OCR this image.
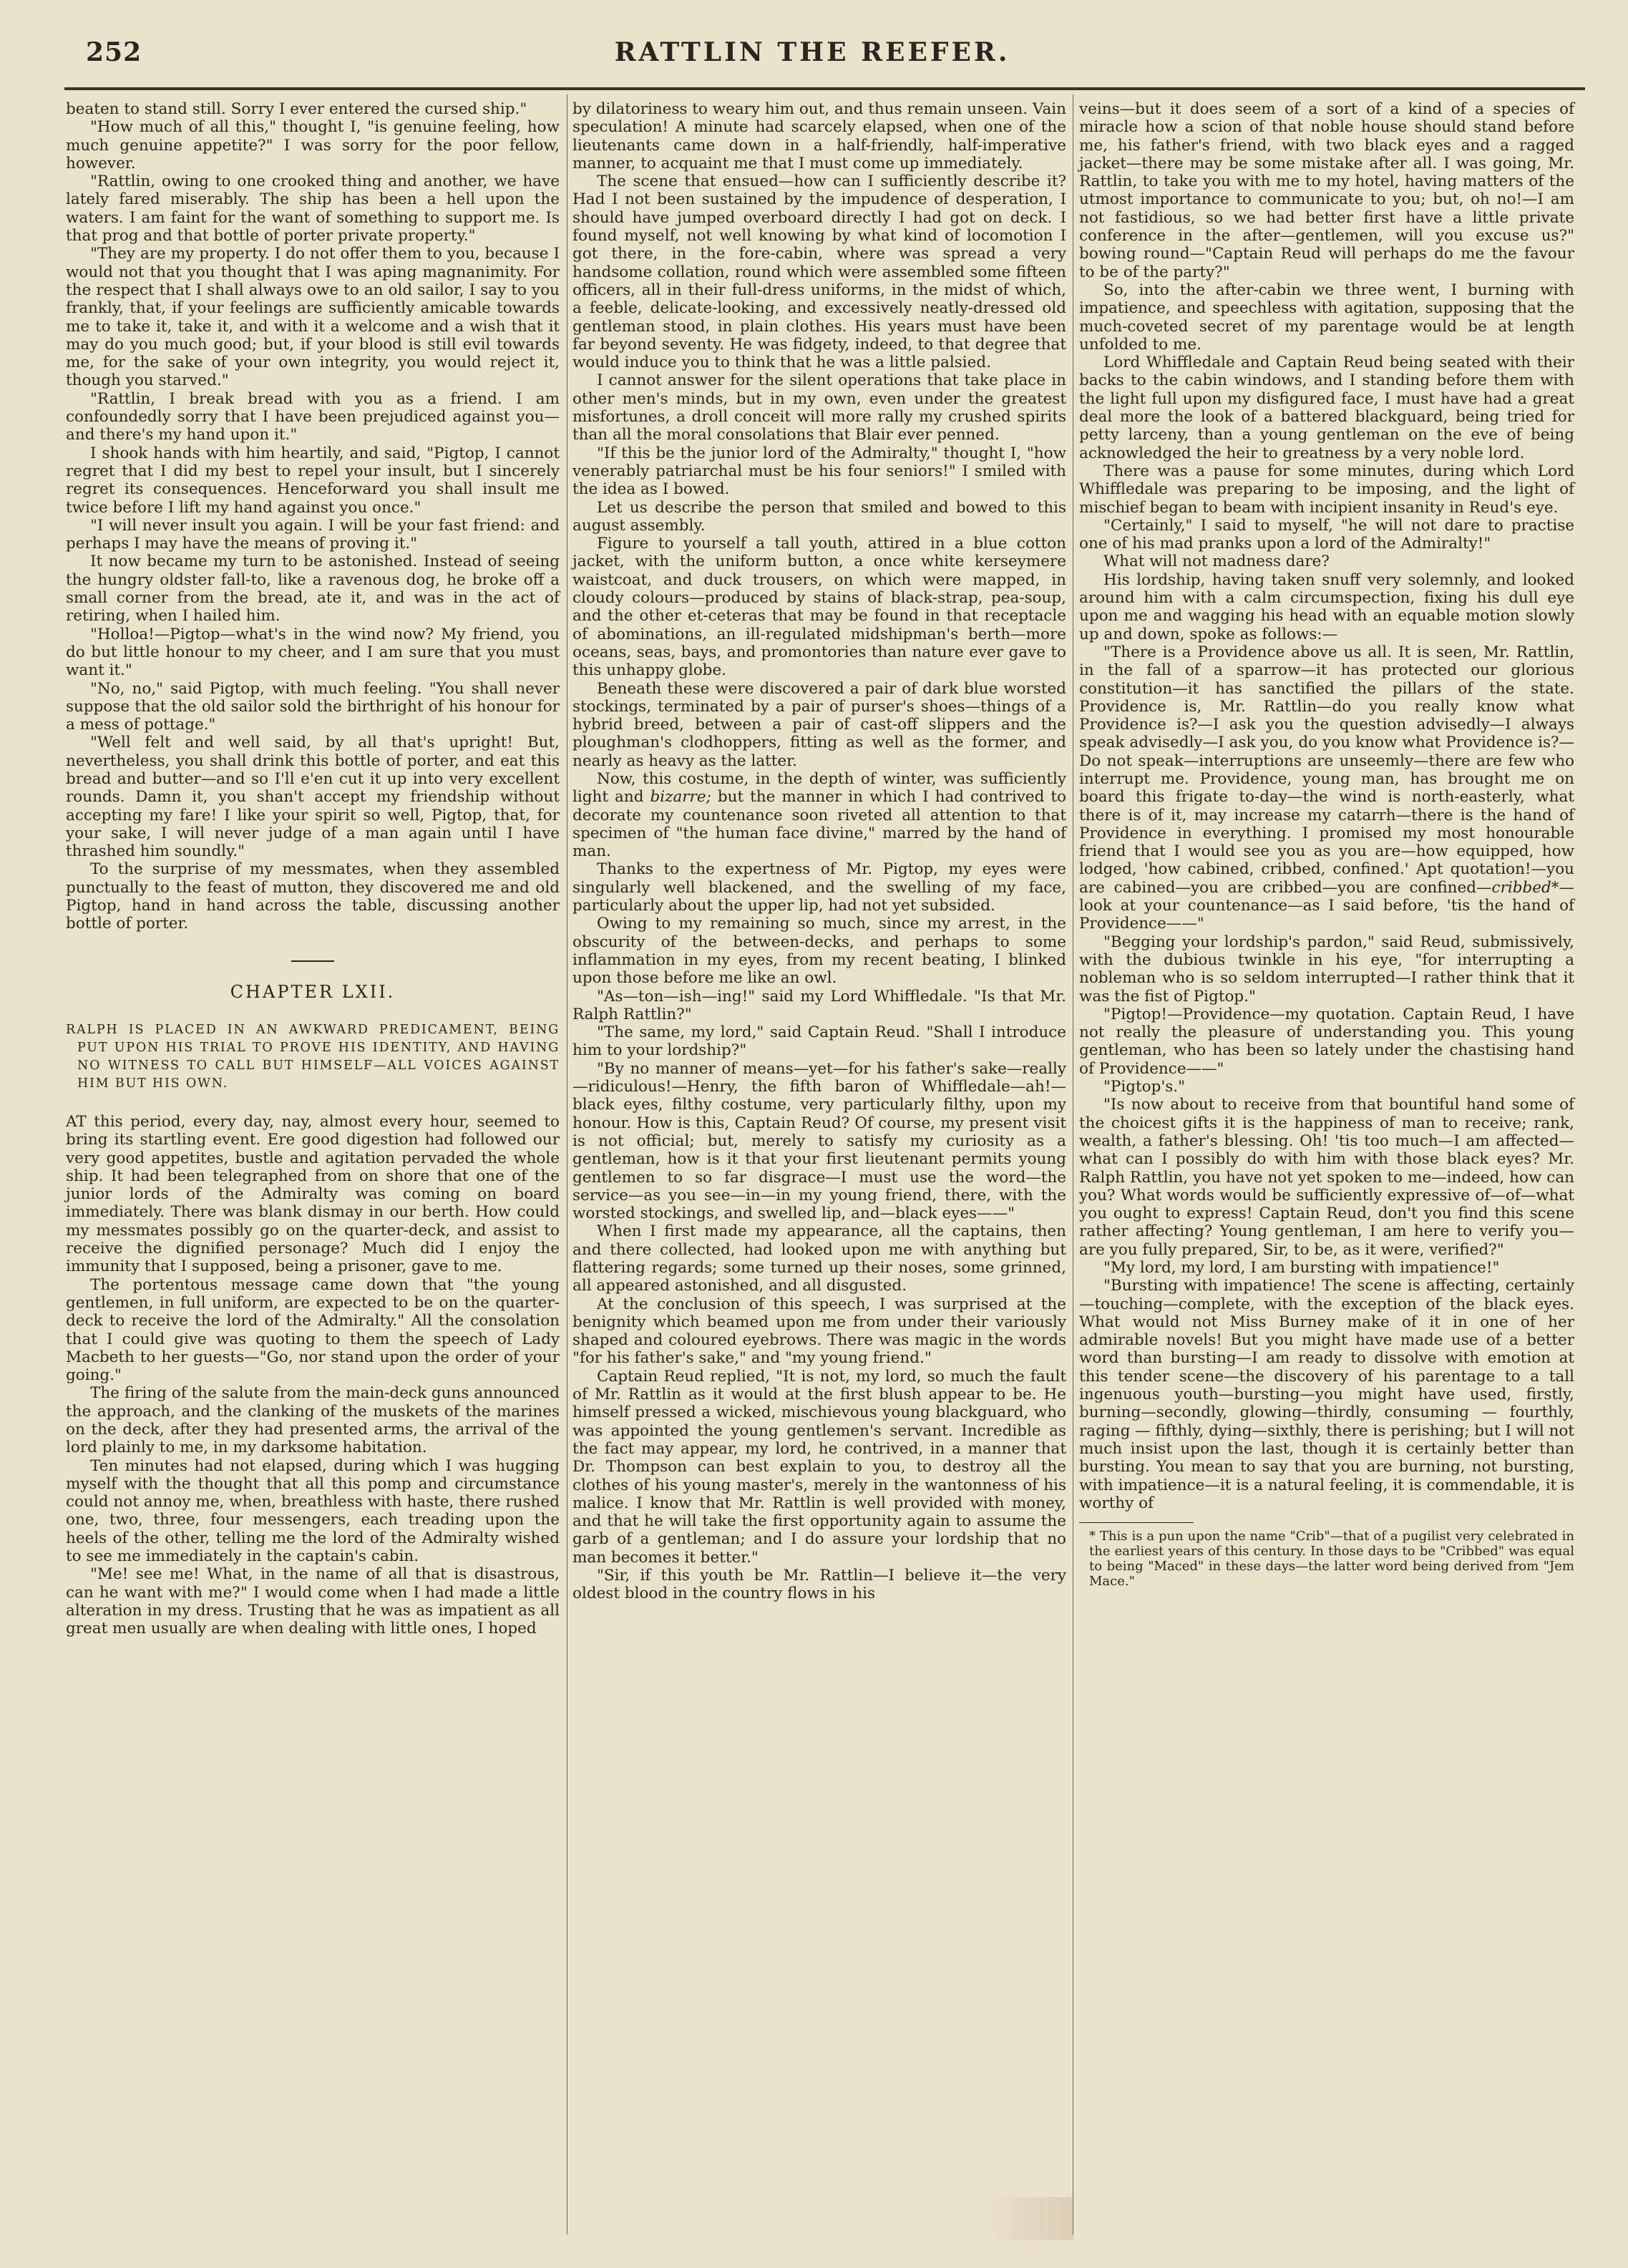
252	RATTLIN THE REEFER.

beaten to stand still. Sorry I ever entered the cursed ship."

"How much of all this," thought I, "is genuine feeling, how much genuine appetite?" I was sorry for the poor fellow, however.

"Rattlin, owing to one crooked thing and another, we have lately fared miserably. The ship has been a hell upon the waters. I am faint for the want of something to support me. Is that prog and that bottle of porter private property."

"They are my property. I do not offer them to you, because I would not that you thought that I was aping magnanimity. For the respect that I shall always owe to an old sailor, I say to you frankly, that, if your feelings are sufficiently amicable towards me to take it, take it, and with it a welcome and a wish that it may do you much good; but, if your blood is still evil towards me, for the sake of your own integrity, you would reject it, though you starved."

"Rattlin, I break bread with you as a friend. I am confoundedly sorry that I have been prejudiced against you—and there's my hand upon it."

I shook hands with him heartily, and said, "Pigtop, I cannot regret that I did my best to repel your insult, but I sincerely regret its consequences. Henceforward you shall insult me twice before I lift my hand against you once."

"I will never insult you again. I will be your fast friend: and perhaps I may have the means of proving it."

It now became my turn to be astonished. Instead of seeing the hungry oldster fall-to, like a ravenous dog, he broke off a small corner from the bread, ate it, and was in the act of retiring, when I hailed him.

"Holloa!—Pigtop—what's in the wind now? My friend, you do but little honour to my cheer, and I am sure that you must want it."

"No, no," said Pigtop, with much feeling. "You shall never suppose that the old sailor sold the birthright of his honour for a mess of pottage."

"Well felt and well said, by all that's upright! But, nevertheless, you shall drink this bottle of porter, and eat this bread and butter—and so I'll e'en cut it up into very excellent rounds. Damn it, you shan't accept my friendship without accepting my fare! I like your spirit so well, Pigtop, that, for your sake, I will never judge of a man again until I have thrashed him soundly."

To the surprise of my messmates, when they assembled punctually to the feast of mutton, they discovered me and old Pigtop, hand in hand across the table, discussing another bottle of porter.

CHAPTER LXII.
RALPH IS PLACED IN AN AWKWARD PREDICAMENT, BEING PUT UPON HIS TRIAL TO PROVE HIS IDENTITY, AND HAVING NO WITNESS TO CALL BUT HIMSELF—ALL VOICES AGAINST HIM BUT HIS OWN.

AT this period, every day, nay, almost every hour, seemed to bring its startling event. Ere good digestion had followed our very good appetites, bustle and agitation pervaded the whole ship. It had been telegraphed from on shore that one of the junior lords of the Admiralty was coming on board immediately. There was blank dismay in our berth. How could my messmates possibly go on the quarter-deck, and assist to receive the dignified personage? Much did I enjoy the immunity that I supposed, being a prisoner, gave to me.

The portentous message came down that "the young gentlemen, in full uniform, are expected to be on the quarter-deck to receive the lord of the Admiralty." All the consolation that I could give was quoting to them the speech of Lady Macbeth to her guests—"Go, nor stand upon the order of your going."

The firing of the salute from the main-deck guns announced the approach, and the clanking of the muskets of the marines on the deck, after they had presented arms, the arrival of the lord plainly to me, in my darksome habitation.

Ten minutes had not elapsed, during which I was hugging myself with the thought that all this pomp and circumstance could not annoy me, when, breathless with haste, there rushed one, two, three, four messengers, each treading upon the heels of the other, telling me the lord of the Admiralty wished to see me immediately in the captain's cabin.

"Me! see me! What, in the name of all that is disastrous, can he want with me?" I would come when I had made a little alteration in my dress. Trusting that he was as impatient as all great men usually are when dealing with little ones, I hoped

by dilatoriness to weary him out, and thus remain unseen. Vain speculation! A minute had scarcely elapsed, when one of the lieutenants came down in a half-friendly, half-imperative manner, to acquaint me that I must come up immediately.

The scene that ensued—how can I sufficiently describe it? Had I not been sustained by the impudence of desperation, I should have jumped overboard directly I had got on deck. I found myself, not well knowing by what kind of locomotion I got there, in the fore-cabin, where was spread a very handsome collation, round which were assembled some fifteen officers, all in their full-dress uniforms, in the midst of which, a feeble, delicate-looking, and excessively neatly-dressed old gentleman stood, in plain clothes. His years must have been far beyond seventy. He was fidgety, indeed, to that degree that would induce you to think that he was a little palsied.

I cannot answer for the silent operations that take place in other men's minds, but in my own, even under the greatest misfortunes, a droll conceit will more rally my crushed spirits than all the moral consolations that Blair ever penned.

"If this be the junior lord of the Admiralty," thought I, "how venerably patriarchal must be his four seniors!" I smiled with the idea as I bowed.

Let us describe the person that smiled and bowed to this august assembly.

Figure to yourself a tall youth, attired in a blue cotton jacket, with the uniform button, a once white kerseymere waistcoat, and duck trousers, on which were mapped, in cloudy colours—produced by stains of black-strap, pea-soup, and the other et-ceteras that may be found in that receptacle of abominations, an ill-regulated midshipman's berth—more oceans, seas, bays, and promontories than nature ever gave to this unhappy globe.

Beneath these were discovered a pair of dark blue worsted stockings, terminated by a pair of purser's shoes—things of a hybrid breed, between a pair of cast-off slippers and the ploughman's clodhoppers, fitting as well as the former, and nearly as heavy as the latter.

Now, this costume, in the depth of winter, was sufficiently light and bizarre; but the manner in which I had contrived to decorate my countenance soon riveted all attention to that specimen of "the human face divine," marred by the hand of man.

Thanks to the expertness of Mr. Pigtop, my eyes were singularly well blackened, and the swelling of my face, particularly about the upper lip, had not yet subsided.

Owing to my remaining so much, since my arrest, in the obscurity of the between-decks, and perhaps to some inflammation in my eyes, from my recent beating, I blinked upon those before me like an owl.

"As—ton—ish—ing!" said my Lord Whiffledale. "Is that Mr. Ralph Rattlin?"

"The same, my lord," said Captain Reud. "Shall I introduce him to your lordship?"

"By no manner of means—yet—for his father's sake—really—ridiculous!—Henry, the fifth baron of Whiffledale—ah!—black eyes, filthy costume, very particularly filthy, upon my honour. How is this, Captain Reud? Of course, my present visit is not official; but, merely to satisfy my curiosity as a gentleman, how is it that your first lieutenant permits young gentlemen to so far disgrace—I must use the word—the service—as you see—in—in my young friend, there, with the worsted stockings, and swelled lip, and—black eyes——"

When I first made my appearance, all the captains, then and there collected, had looked upon me with anything but flattering regards; some turned up their noses, some grinned, all appeared astonished, and all disgusted.

At the conclusion of this speech, I was surprised at the benignity which beamed upon me from under their variously shaped and coloured eyebrows. There was magic in the words "for his father's sake," and "my young friend."

Captain Reud replied, "It is not, my lord, so much the fault of Mr. Rattlin as it would at the first blush appear to be. He himself pressed a wicked, mischievous young blackguard, who was appointed the young gentlemen's servant. Incredible as the fact may appear, my lord, he contrived, in a manner that Dr. Thompson can best explain to you, to destroy all the clothes of his young master's, merely in the wantonness of his malice. I know that Mr. Rattlin is well provided with money, and that he will take the first opportunity again to assume the garb of a gentleman; and I do assure your lordship that no man becomes it better."

"Sir, if this youth be Mr. Rattlin—I believe it—the very oldest blood in the country flows in his

veins—but it does seem of a sort of a kind of a species of miracle how a scion of that noble house should stand before me, his father's friend, with two black eyes and a ragged jacket—there may be some mistake after all. I was going, Mr. Rattlin, to take you with me to my hotel, having matters of the utmost importance to communicate to you; but, oh no!—I am not fastidious, so we had better first have a little private conference in the after—gentlemen, will you excuse us?" bowing round—"Captain Reud will perhaps do me the favour to be of the party?"

So, into the after-cabin we three went, I burning with impatience, and speechless with agitation, supposing that the much-coveted secret of my parentage would be at length unfolded to me.

Lord Whiffledale and Captain Reud being seated with their backs to the cabin windows, and I standing before them with the light full upon my disfigured face, I must have had a great deal more the look of a battered blackguard, being tried for petty larceny, than a young gentleman on the eve of being acknowledged the heir to greatness by a very noble lord.

There was a pause for some minutes, during which Lord Whiffledale was preparing to be imposing, and the light of mischief began to beam with incipient insanity in Reud's eye.

"Certainly," I said to myself, "he will not dare to practise one of his mad pranks upon a lord of the Admiralty!"

What will not madness dare?

His lordship, having taken snuff very solemnly, and looked around him with a calm circumspection, fixing his dull eye upon me and wagging his head with an equable motion slowly up and down, spoke as follows:—

"There is a Providence above us all. It is seen, Mr. Rattlin, in the fall of a sparrow—it has protected our glorious constitution—it has sanctified the pillars of the state. Providence is, Mr. Rattlin—do you really know what Providence is?—I ask you the question advisedly—I always speak advisedly—I ask you, do you know what Providence is?—Do not speak—interruptions are unseemly—there are few who interrupt me. Providence, young man, has brought me on board this frigate to-day—the wind is north-easterly, what there is of it, may increase my catarrh—there is the hand of Providence in everything. I promised my most honourable friend that I would see you as you are—how equipped, how lodged, 'how cabined, cribbed, confined.' Apt quotation!—you are cabined—you are cribbed—you are confined—cribbed*—look at your countenance—as I said before, 'tis the hand of Providence——"

"Begging your lordship's pardon," said Reud, submissively, with the dubious twinkle in his eye, "for interrupting a nobleman who is so seldom interrupted—I rather think that it was the fist of Pigtop."

"Pigtop!—Providence—my quotation. Captain Reud, I have not really the pleasure of understanding you. This young gentleman, who has been so lately under the chastising hand of Providence——"

"Pigtop's."

"Is now about to receive from that bountiful hand some of the choicest gifts it is the happiness of man to receive; rank, wealth, a father's blessing. Oh! 'tis too much—I am affected—what can I possibly do with him with those black eyes? Mr. Ralph Rattlin, you have not yet spoken to me—indeed, how can you? What words would be sufficiently expressive of—of—what you ought to express! Captain Reud, don't you find this scene rather affecting? Young gentleman, I am here to verify you—are you fully prepared, Sir, to be, as it were, verified?"

"My lord, my lord, I am bursting with impatience!"

"Bursting with impatience! The scene is affecting, certainly—touching—complete, with the exception of the black eyes. What would not Miss Burney make of it in one of her admirable novels! But you might have made use of a better word than bursting—I am ready to dissolve with emotion at this tender scene—the discovery of his parentage to a tall ingenuous youth—bursting—you might have used, firstly, burning—secondly, glowing—thirdly, consuming — fourthly, raging — fifthly, dying—sixthly, there is perishing; but I will not much insist upon the last, though it is certainly better than bursting. You mean to say that you are burning, not bursting, with impatience—it is a natural feeling, it is commendable, it is worthy of

* This is a pun upon the name "Crib"—that of a pugilist very celebrated in the earliest years of this century. In those days to be "Cribbed" was equal to being "Maced" in these days—the latter word being derived from "Jem Mace."
